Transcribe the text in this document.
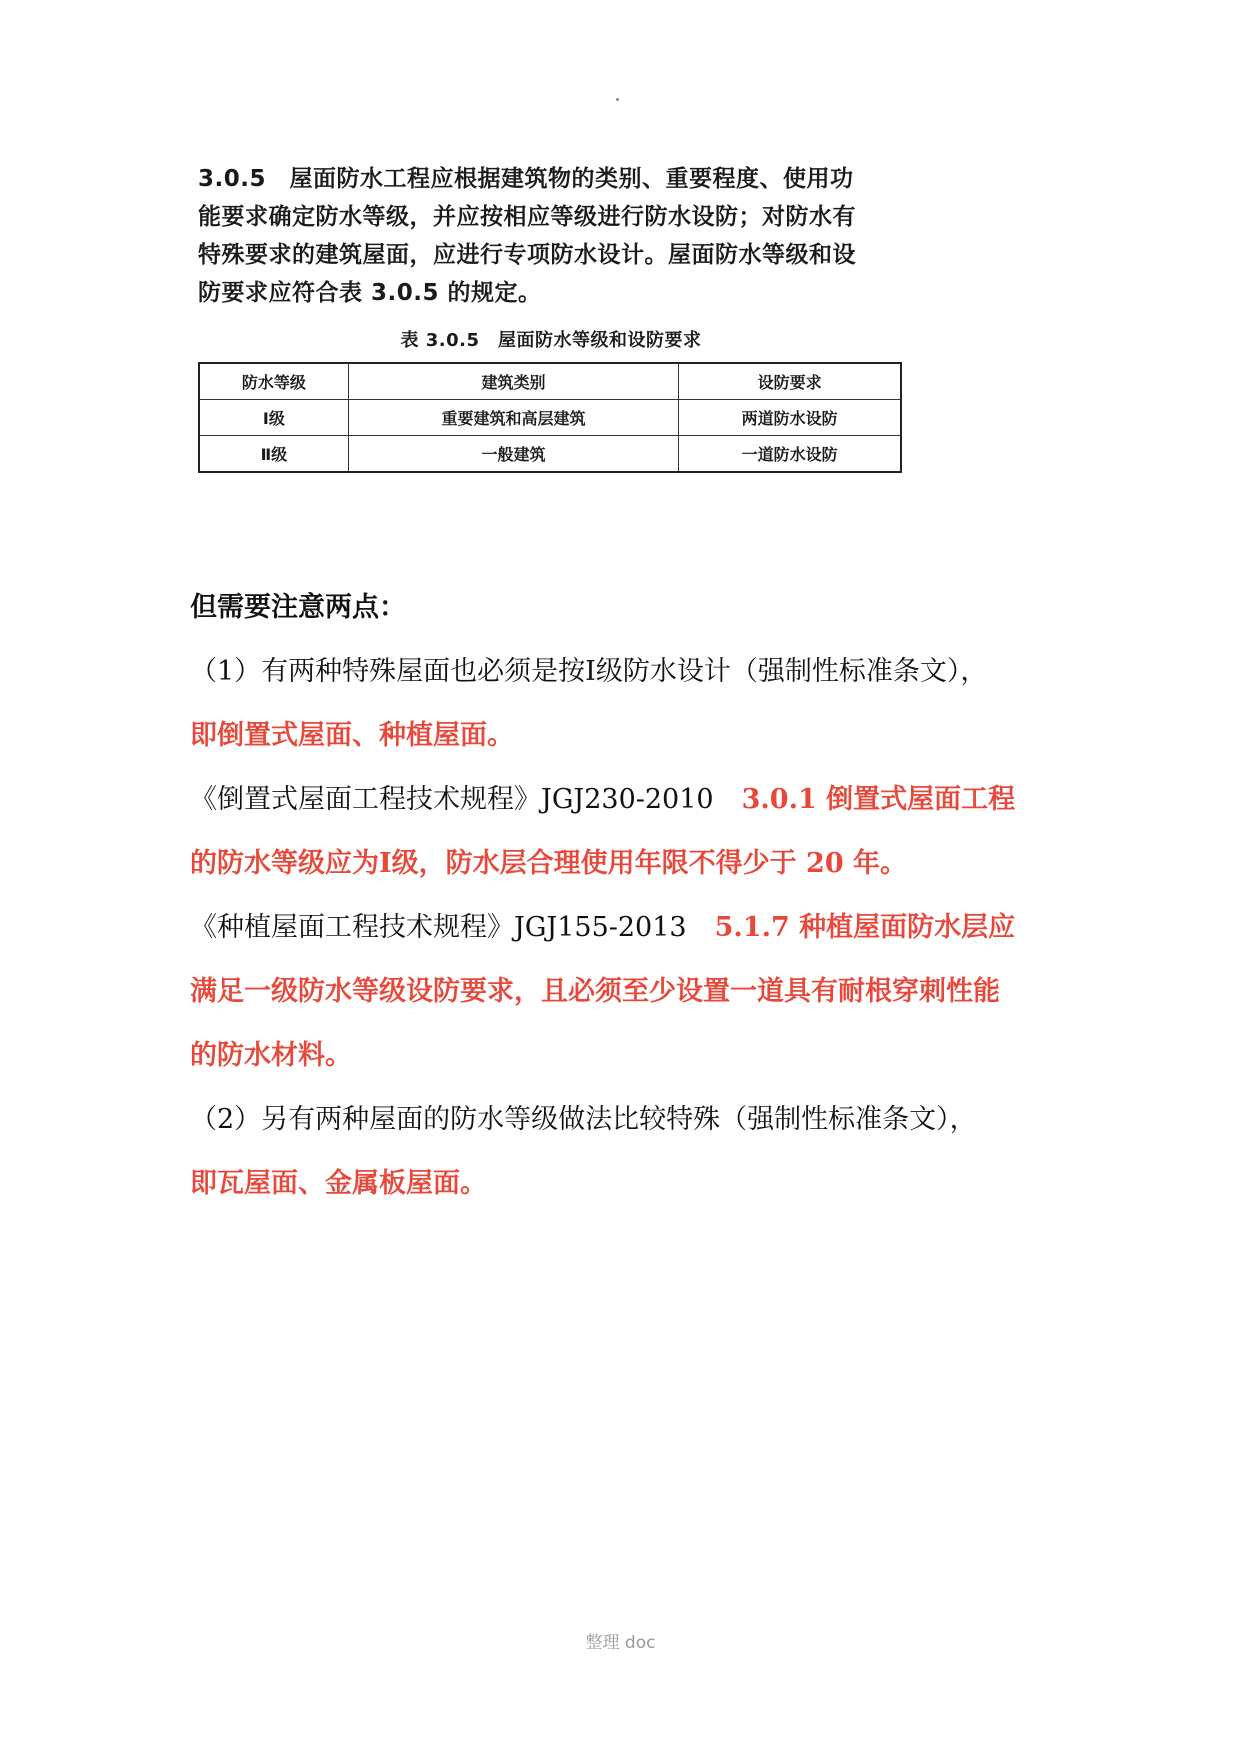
3.0.5　屋面防水工程应根据建筑物的类别、重要程度、使用功

能要求确定防水等级，并应按相应等级进行防水设防；对防水有

特殊要求的建筑屋面，应进行专项防水设计。屋面防水等级和设

防要求应符合表 3.0.5 的规定。

表 3.0.5　屋面防水等级和设防要求
防水等级	建筑类别	设防要求
Ⅰ级	重要建筑和高层建筑	两道防水设防
Ⅱ级	一般建筑	一道防水设防

但需要注意两点：

（1）有两种特殊屋面也必须是按Ⅰ级防水设计（强制性标准条文），

即倒置式屋面、种植屋面。

《倒置式屋面工程技术规程》JGJ230-2010 3.0.1 倒置式屋面工程

的防水等级应为Ⅰ级，防水层合理使用年限不得少于 20 年。

《种植屋面工程技术规程》JGJ155-2013 5.1.7 种植屋面防水层应

满足一级防水等级设防要求，且必须至少设置一道具有耐根穿刺性能

的防水材料。

（2）另有两种屋面的防水等级做法比较特殊（强制性标准条文），

即瓦屋面、金属板屋面。

整理 doc
